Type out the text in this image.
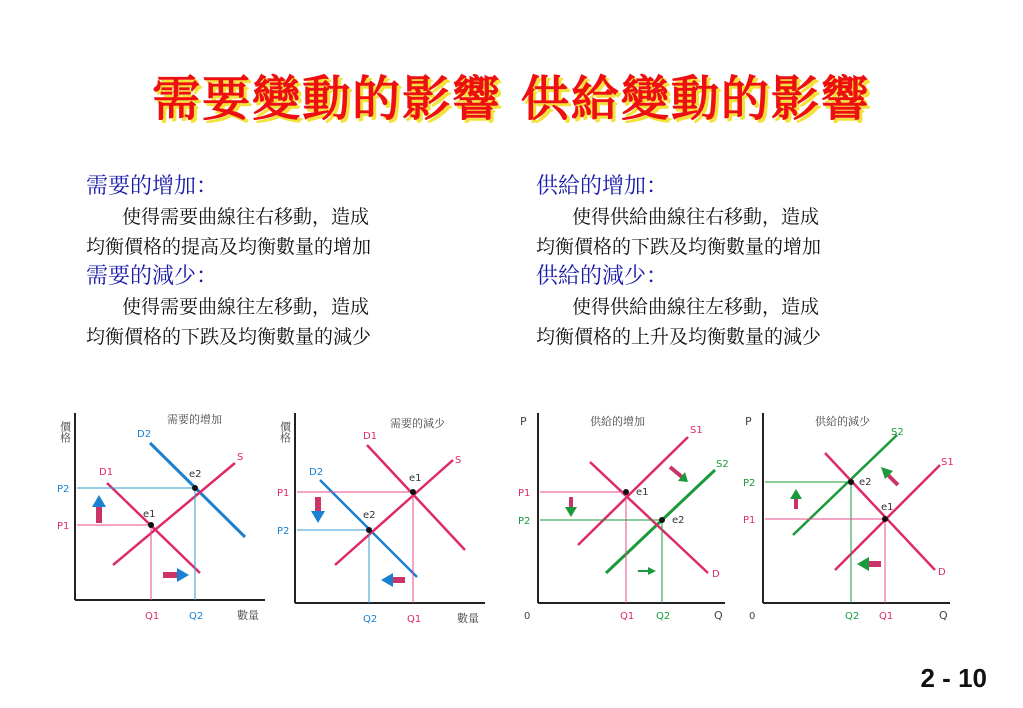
需要變動的影響 供給變動的影響
需要的增加：
使得需要曲線往右移動，造成
均衡價格的提高及均衡數量的增加
需要的減少：
使得需要曲線往左移動，造成
均衡價格的下跌及均衡數量的減少
供給的增加：
使得供給曲線往右移動，造成
均衡價格的下跌及均衡數量的增加
供給的減少：
使得供給曲線往左移動，造成
均衡價格的上升及均衡數量的減少
需要的增加
價格
D1
D2
S
e1
e2
P1
P2
Q1	Q2	數量
需要的減少
價格	D1
D2
S
e1
e2
P1
P2
Q2	Q1	數量
供給的增加
P
S1
S2
D
e1
e2
P1
P2
0	Q1 Q2	Q
供給的減少
P
S2
S1
D
e2
e1
P2
P1
0	Q2 Q1	Q
2 - 10
